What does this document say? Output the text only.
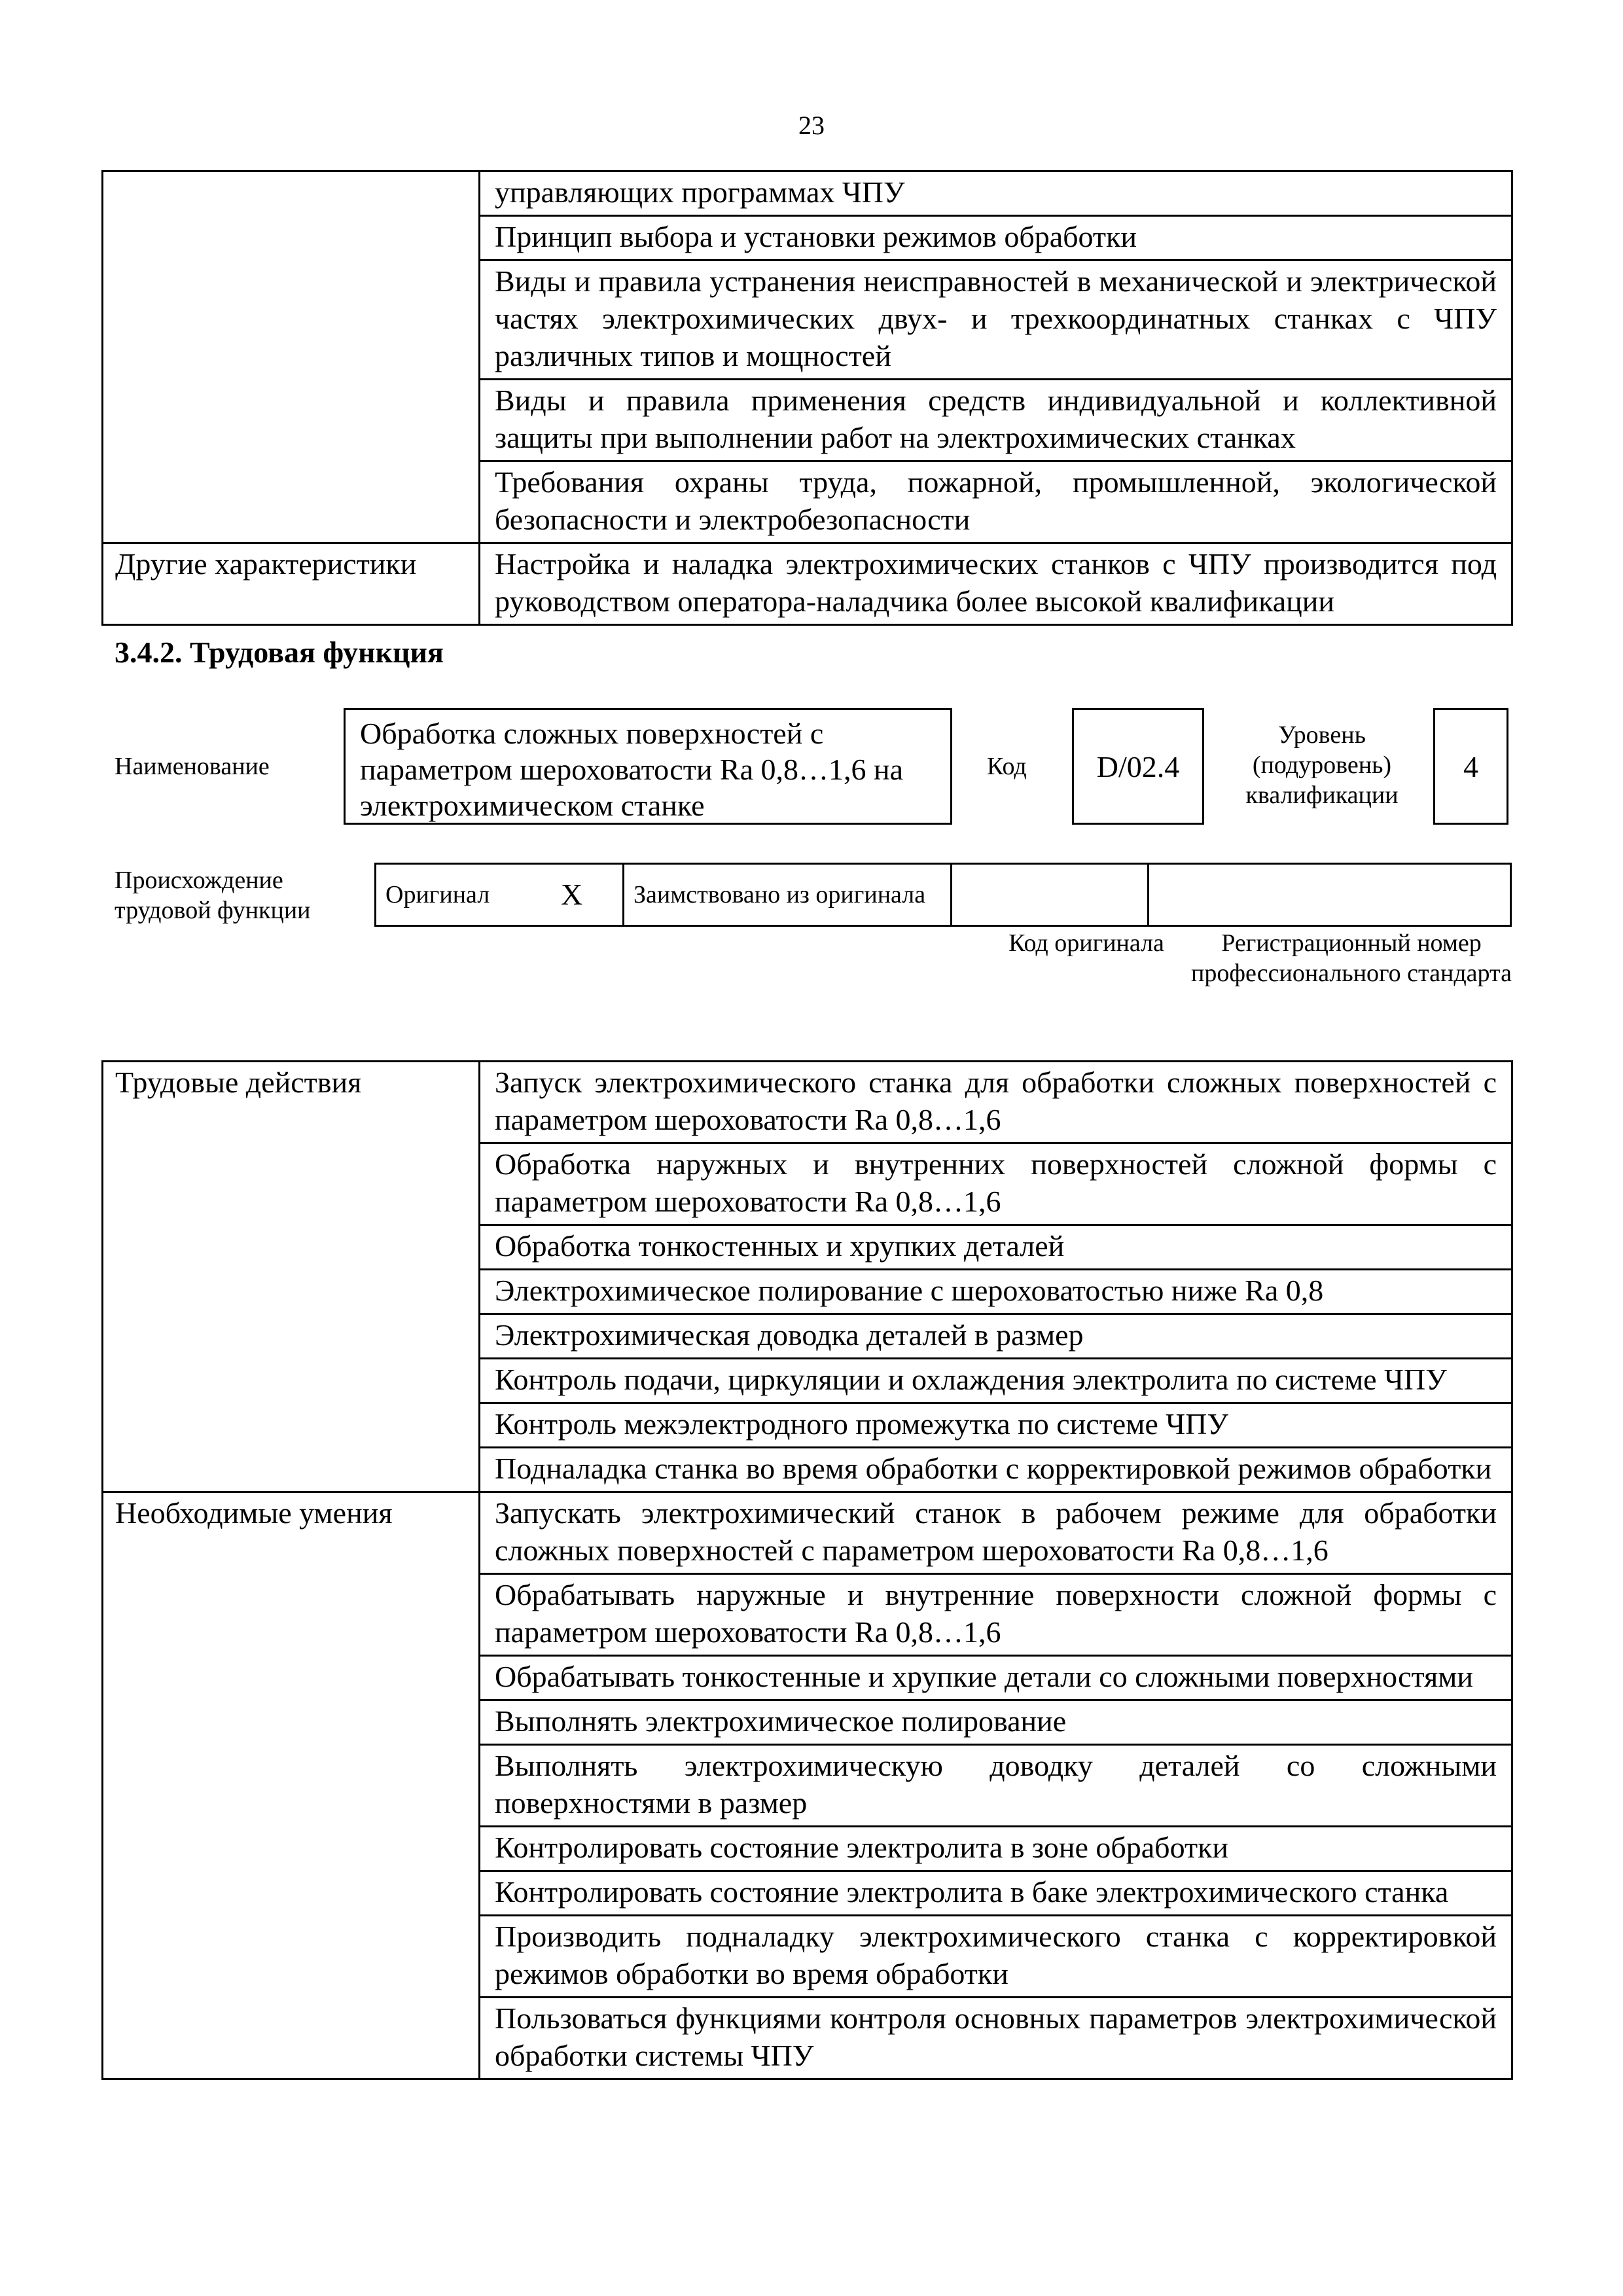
23
	управляющих программах ЧПУ
	Принцип выбора и установки режимов обработки
	Виды и правила устранения неисправностей в механической и электрической частях электрохимических двух- и трехкоординатных станках с ЧПУ различных типов и мощностей
	Виды и правила применения средств индивидуальной и коллективной защиты при выполнении работ на электрохимических станках
	Требования охраны труда, пожарной, промышленной, экологической безопасности и электробезопасности
Другие характеристики	Настройка и наладка электрохимических станков с ЧПУ производится под руководством оператора-наладчика более высокой квалификации
3.4.2. Трудовая функция
Наименование
Обработка сложных поверхностей с параметром шероховатости Ra 0,8…1,6 на электрохимическом станке
Код	D/02.4
Уровень (подуровень) квалификации
4
Происхождение трудовой функции
Оригинал	X	Заимствовано из оригинала		
Код оригинала	Регистрационный номер профессионального стандарта
Трудовые действия	Запуск электрохимического станка для обработки сложных поверхностей с параметром шероховатости Ra 0,8…1,6
	Обработка наружных и внутренних поверхностей сложной формы с параметром шероховатости Ra 0,8…1,6
	Обработка тонкостенных и хрупких деталей
	Электрохимическое полирование с шероховатостью ниже Ra 0,8
	Электрохимическая доводка деталей в размер
	Контроль подачи, циркуляции и охлаждения электролита по системе ЧПУ
	Контроль межэлектродного промежутка по системе ЧПУ
	Подналадка станка во время обработки с корректировкой режимов обработки
Необходимые умения	Запускать электрохимический станок в рабочем режиме для обработки сложных поверхностей с параметром шероховатости Ra 0,8…1,6
	Обрабатывать наружные и внутренние поверхности сложной формы с параметром шероховатости Ra 0,8…1,6
	Обрабатывать тонкостенные и хрупкие детали со сложными поверхностями
	Выполнять электрохимическое полирование
	Выполнять электрохимическую доводку деталей со сложными поверхностями в размер
	Контролировать состояние электролита в зоне обработки
	Контролировать состояние электролита в баке электрохимического станка
	Производить подналадку электрохимического станка с корректировкой режимов обработки во время обработки
	Пользоваться функциями контроля основных параметров электрохимической обработки системы ЧПУ
